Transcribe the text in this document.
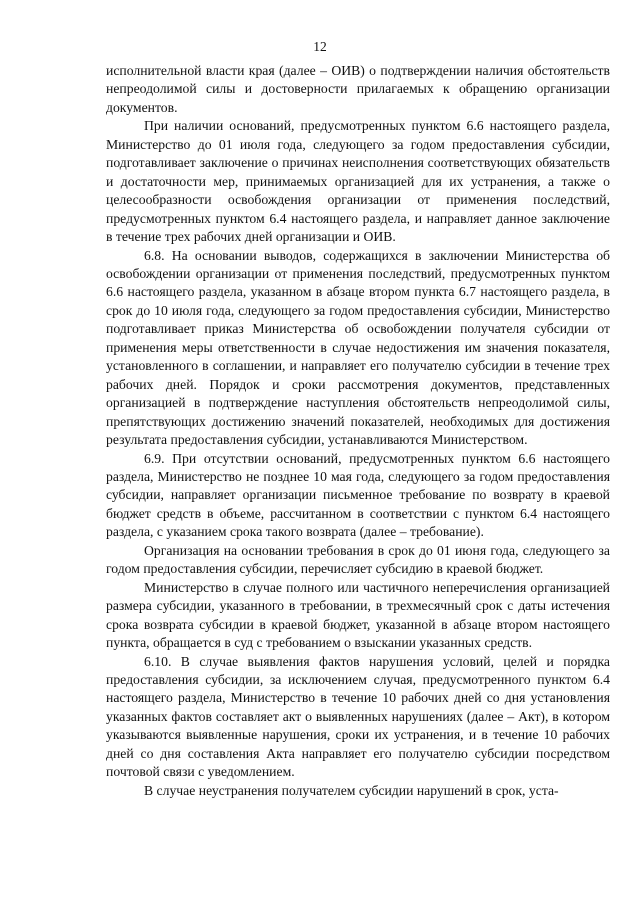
12

исполнительной власти края (далее – ОИВ) о подтверждении наличия обстоятельств непреодолимой силы и достоверности прилагаемых к обращению организации документов.

При наличии оснований, предусмотренных пунктом 6.6 настоящего раздела, Министерство до 01 июля года, следующего за годом предоставления субсидии, подготавливает заключение о причинах неисполнения соответствующих обязательств и достаточности мер, принимаемых организацией для их устранения, а также о целесообразности освобождения организации от применения последствий, предусмотренных пунктом 6.4 настоящего раздела, и направляет данное заключение в течение трех рабочих дней организации и ОИВ.

6.8. На основании выводов, содержащихся в заключении Министерства об освобождении организации от применения последствий, предусмотренных пунктом 6.6 настоящего раздела, указанном в абзаце втором пункта 6.7 настоящего раздела, в срок до 10 июля года, следующего за годом предоставления субсидии, Министерство подготавливает приказ Министерства об освобождении получателя субсидии от применения меры ответственности в случае недостижения им значения показателя, установленного в соглашении, и направляет его получателю субсидии в течение трех рабочих дней. Порядок и сроки рассмотрения документов, представленных организацией в подтверждение наступления обстоятельств непреодолимой силы, препятствующих достижению значений показателей, необходимых для достижения результата предоставления субсидии, устанавливаются Министерством.

6.9. При отсутствии оснований, предусмотренных пунктом 6.6 настоящего раздела, Министерство не позднее 10 мая года, следующего за годом предоставления субсидии, направляет организации письменное требование по возврату в краевой бюджет средств в объеме, рассчитанном в соответствии с пунктом 6.4 настоящего раздела, с указанием срока такого возврата (далее – требование).

Организация на основании требования в срок до 01 июня года, следующего за годом предоставления субсидии, перечисляет субсидию в краевой бюджет.

Министерство в случае полного или частичного неперечисления организацией размера субсидии, указанного в требовании, в трехмесячный срок с даты истечения срока возврата субсидии в краевой бюджет, указанной в абзаце втором настоящего пункта, обращается в суд с требованием о взыскании указанных средств.

6.10. В случае выявления фактов нарушения условий, целей и порядка предоставления субсидии, за исключением случая, предусмотренного пунктом 6.4 настоящего раздела, Министерство в течение 10 рабочих дней со дня установления указанных фактов составляет акт о выявленных нарушениях (далее – Акт), в котором указываются выявленные нарушения, сроки их устранения, и в течение 10 рабочих дней со дня составления Акта направляет его получателю субсидии посредством почтовой связи с уведомлением.

В случае неустранения получателем субсидии нарушений в срок, уста-
